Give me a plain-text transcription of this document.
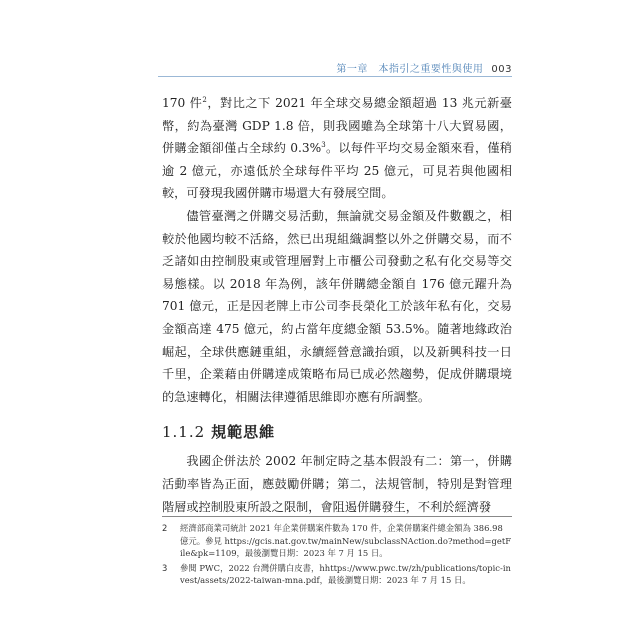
第一章　本指引之重要性與使用 003

170 件$^2$，對比之下 2021 年全球交易總金額超過 13 兆元新臺幣，約為臺灣 GDP 1.8 倍，則我國雖為全球第十八大貿易國，併購金額卻僅占全球約 0.3%$^3$。以每件平均交易金額來看，僅稍逾 2 億元，亦遠低於全球每件平均 25 億元，可見若與他國相較，可發現我國併購市場還大有發展空間。

儘管臺灣之併購交易活動，無論就交易金額及件數觀之，相較於他國均較不活絡，然已出現組織調整以外之併購交易，而不乏諸如由控制股東或管理層對上市櫃公司發動之私有化交易等交易態樣。以 2018 年為例，該年併購總金額自 176 億元躍升為 701 億元，正是因老牌上市公司李長榮化工於該年私有化，交易金額高達 475 億元，約占當年度總金額 53.5%。隨著地緣政治崛起，全球供應鏈重組，永續經營意識抬頭，以及新興科技一日千里，企業藉由併購達成策略布局已成必然趨勢，促成併購環境的急速轉化，相關法律遵循思維即亦應有所調整。

1.1.2 規範思維

我國企併法於 2002 年制定時之基本假設有二：第一，併購活動率皆為正面，應鼓勵併購；第二，法規管制，特別是對管理階層或控制股東所設之限制，會阻遏併購發生，不利於經濟發

2	經濟部商業司統計 2021 年企業併購案件數為 170 件，企業併購案件總金額為 386.98 億元。參見 https://gcis.nat.gov.tw/mainNew/subclassNAction.do?method=getFile&pk=1109，最後瀏覽日期：2023 年 7 月 15 日。
3	參閱 PWC，2022 台灣併購白皮書，hhttps://www.pwc.tw/zh/publications/topic-invest/assets/2022-taiwan-mna.pdf，最後瀏覽日期：2023 年 7 月 15 日。
